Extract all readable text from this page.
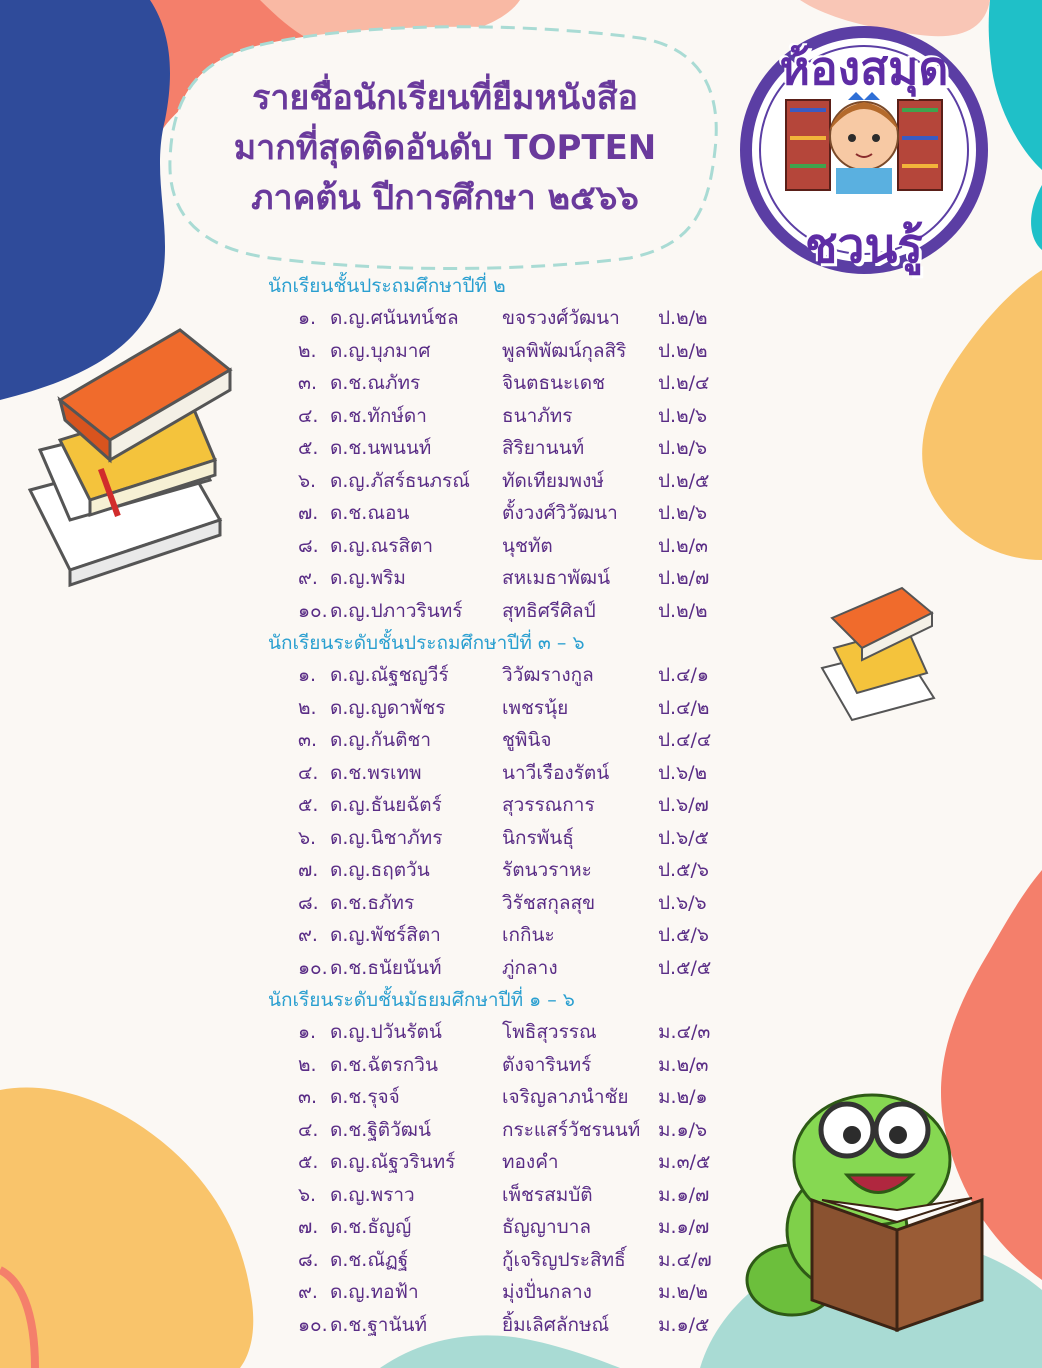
รายชื่อนักเรียนที่ยืมหนังสือ
มากที่สุดติดอันดับ TOPTEN
ภาคต้น ปีการศึกษา ๒๕๖๖
ห้องสมุด
ชวนรู้
นักเรียนชั้นประถมศึกษาปีที่ ๒
๑. ด.ญ.ศนันทน์ชล ขจรวงศ์วัฒนา ป.๒/๒
๒. ด.ญ.บุภมาศ	พูลพิพัฒน์กุลสิริ ป.๒/๒
๓. ด.ช.ณภัทร	จินตธนะเดช	ป.๒/๔
๔. ด.ช.ทักษ์ดา	ธนาภัทร	ป.๒/๖
๕. ด.ช.นพนนท์	สิริยานนท์	ป.๒/๖
๖. ด.ญ.ภัสร์ธนภรณ์ ทัดเทียมพงษ์	ป.๒/๕
๗. ด.ช.ณอน	ตั้งวงศ์วิวัฒนา ป.๒/๖
๘. ด.ญ.ณรสิตา	นุชทัต	ป.๒/๓
๙. ด.ญ.พริม	สหเมธาพัฒน์	ป.๒/๗
๑๐. ด.ญ.ปภาวรินทร์ สุทธิศรีศิลป์	ป.๒/๒
นักเรียนระดับชั้นประถมศึกษาปีที่ ๓ – ๖
๑. ด.ญ.ณัฐชญวีร์	วิวัฒรางกูล	ป.๔/๑
๒. ด.ญ.ญดาพัชร	เพชรนุ้ย	ป.๔/๒
๓. ด.ญ.กันติชา	ชูพินิจ	ป.๔/๔
๔. ด.ช.พรเทพ	นาวีเรืองรัตน์	ป.๖/๒
๕. ด.ญ.ธันยฉัตร์	สุวรรณการ	ป.๖/๗
๖. ด.ญ.นิชาภัทร	นิกรพันธุ์	ป.๖/๕
๗. ด.ญ.ธฤตวัน	รัตนวราหะ	ป.๕/๖
๘. ด.ช.ธภัทร	วิรัชสกุลสุข	ป.๖/๖
๙. ด.ญ.พัชร์สิตา	เกกินะ	ป.๕/๖
๑๐. ด.ช.ธนัยนันท์	ภู่กลาง	ป.๕/๕
นักเรียนระดับชั้นมัธยมศึกษาปีที่ ๑ – ๖
๑. ด.ญ.ปวันรัตน์	โพธิสุวรรณ	ม.๔/๓
๒. ด.ช.ฉัตรกวิน	ตังจารินทร์	ม.๒/๓
๓. ด.ช.รุจจ์	เจริญลาภนำชัย ม.๒/๑
๔. ด.ช.ฐิติวัฒน์	กระแสร์วัชรนนท์ ม.๑/๖
๕. ด.ญ.ณัฐวรินทร์ ทองคำ	ม.๓/๕
๖. ด.ญ.พราว	เพ็ชรสมบัติ	ม.๑/๗
๗. ด.ช.ธัญญ์	ธัญญาบาล	ม.๑/๗
๘. ด.ช.ณัฏฐ์	กู้เจริญประสิทธิ์ ม.๔/๗
๙. ด.ญ.ทอฟ้า	มุ่งปั่นกลาง	ม.๒/๒
๑๐. ด.ช.ฐานันท์	ยิ้มเลิศลักษณ์	ม.๑/๕
